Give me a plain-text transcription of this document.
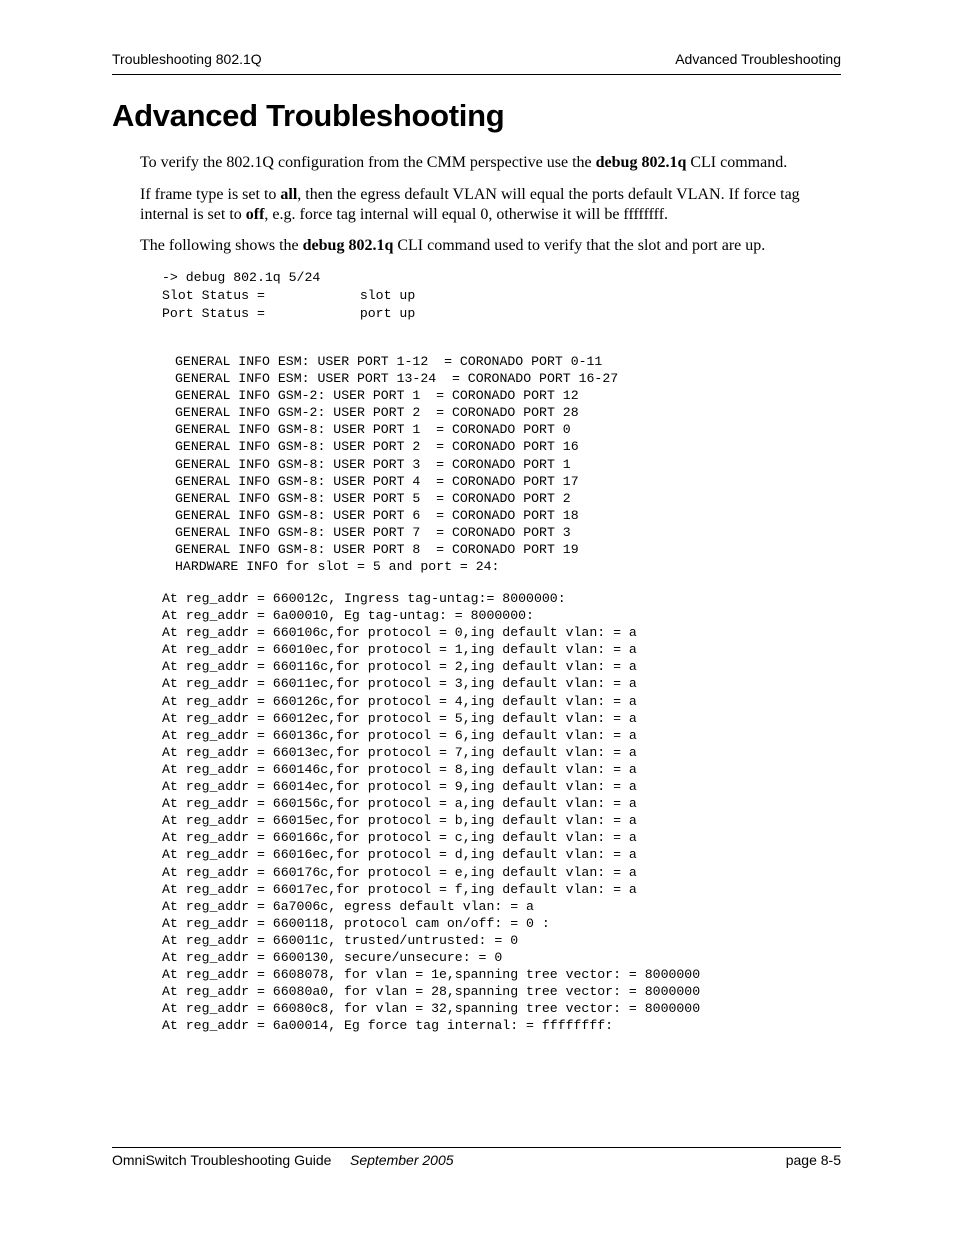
Troubleshooting 802.1Q	Advanced Troubleshooting
Advanced Troubleshooting
To verify the 802.1Q configuration from the CMM perspective use the debug 802.1q CLI command.
If frame type is set to all, then the egress default VLAN will equal the ports default VLAN. If force tag internal is set to off, e.g. force tag internal will equal 0, otherwise it will be ffffffff.
The following shows the debug 802.1q CLI command used to verify that the slot and port are up.
-> debug 802.1q 5/24
Slot Status =            slot up
Port Status =            port up
GENERAL INFO ESM: USER PORT 1-12  = CORONADO PORT 0-11
GENERAL INFO ESM: USER PORT 13-24  = CORONADO PORT 16-27
GENERAL INFO GSM-2: USER PORT 1  = CORONADO PORT 12
GENERAL INFO GSM-2: USER PORT 2  = CORONADO PORT 28
GENERAL INFO GSM-8: USER PORT 1  = CORONADO PORT 0
GENERAL INFO GSM-8: USER PORT 2  = CORONADO PORT 16
GENERAL INFO GSM-8: USER PORT 3  = CORONADO PORT 1
GENERAL INFO GSM-8: USER PORT 4  = CORONADO PORT 17
GENERAL INFO GSM-8: USER PORT 5  = CORONADO PORT 2
GENERAL INFO GSM-8: USER PORT 6  = CORONADO PORT 18
GENERAL INFO GSM-8: USER PORT 7  = CORONADO PORT 3
GENERAL INFO GSM-8: USER PORT 8  = CORONADO PORT 19
HARDWARE INFO for slot = 5 and port = 24:
At reg_addr = 660012c, Ingress tag-untag:= 8000000:
At reg_addr = 6a00010, Eg tag-untag: = 8000000:
At reg_addr = 660106c,for protocol = 0,ing default vlan: = a
At reg_addr = 66010ec,for protocol = 1,ing default vlan: = a
At reg_addr = 660116c,for protocol = 2,ing default vlan: = a
At reg_addr = 66011ec,for protocol = 3,ing default vlan: = a
At reg_addr = 660126c,for protocol = 4,ing default vlan: = a
At reg_addr = 66012ec,for protocol = 5,ing default vlan: = a
At reg_addr = 660136c,for protocol = 6,ing default vlan: = a
At reg_addr = 66013ec,for protocol = 7,ing default vlan: = a
At reg_addr = 660146c,for protocol = 8,ing default vlan: = a
At reg_addr = 66014ec,for protocol = 9,ing default vlan: = a
At reg_addr = 660156c,for protocol = a,ing default vlan: = a
At reg_addr = 66015ec,for protocol = b,ing default vlan: = a
At reg_addr = 660166c,for protocol = c,ing default vlan: = a
At reg_addr = 66016ec,for protocol = d,ing default vlan: = a
At reg_addr = 660176c,for protocol = e,ing default vlan: = a
At reg_addr = 66017ec,for protocol = f,ing default vlan: = a
At reg_addr = 6a7006c, egress default vlan: = a
At reg_addr = 6600118, protocol cam on/off: = 0 :
At reg_addr = 660011c, trusted/untrusted: = 0
At reg_addr = 6600130, secure/unsecure: = 0
At reg_addr = 6608078, for vlan = 1e,spanning tree vector: = 8000000
At reg_addr = 66080a0, for vlan = 28,spanning tree vector: = 8000000
At reg_addr = 66080c8, for vlan = 32,spanning tree vector: = 8000000
At reg_addr = 6a00014, Eg force tag internal: = ffffffff:
OmniSwitch Troubleshooting Guide September 2005	page 8-5
